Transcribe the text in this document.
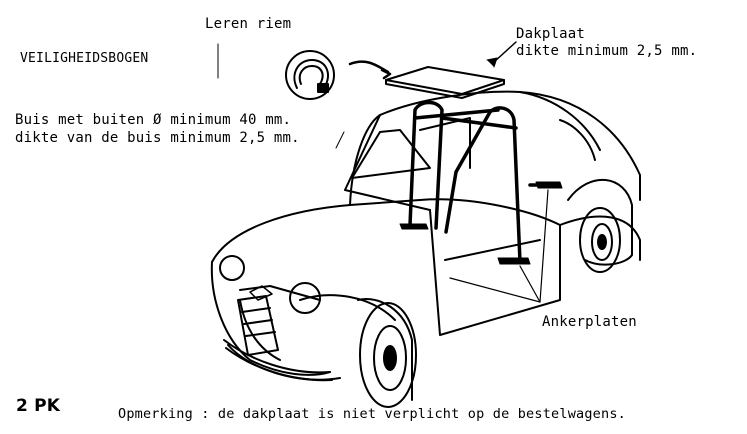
VEILIGHEIDSBOGEN
Leren riem
Dakplaat
dikte minimum 2,5 mm.
Buis met buiten Ø minimum 40 mm.
dikte van de buis minimum 2,5 mm.
Ankerplaten
2 PK	Opmerking : de dakplaat is niet verplicht op de bestelwagens.
